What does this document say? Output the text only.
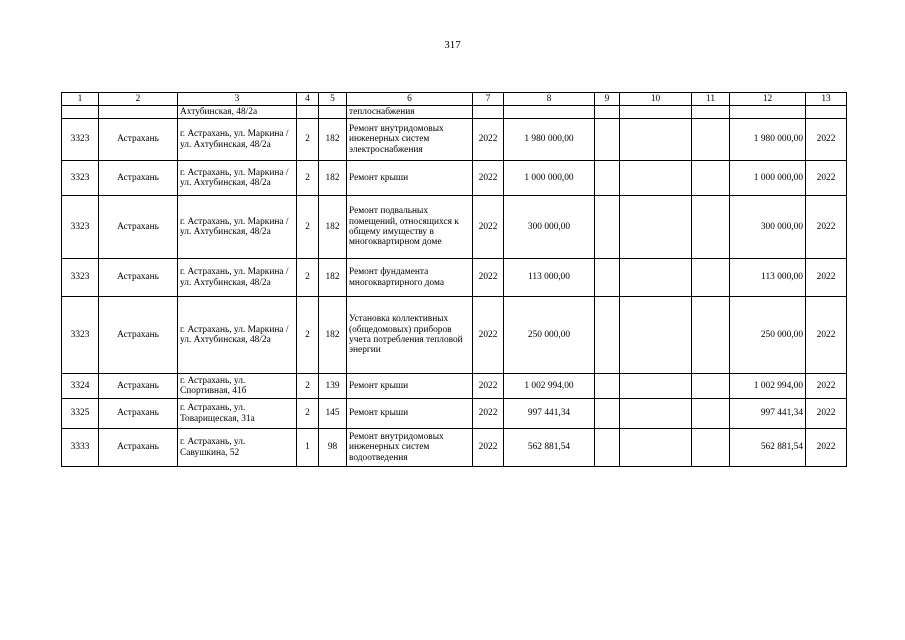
317
1	2	3	4	5	6	7	8	9	10	11	12	13
		Ахтубинская, 48/2а			теплоснабжения							
3323	Астрахань	г. Астрахань, ул. Маркина / ул. Ахтубинская, 48/2а	2	182	Ремонт внутридомовых инженерных систем электроснабжения	2022	1 980 000,00				1 980 000,00	2022
3323	Астрахань	г. Астрахань, ул. Маркина / ул. Ахтубинская, 48/2а	2	182	Ремонт крыши	2022	1 000 000,00				1 000 000,00	2022
3323	Астрахань	г. Астрахань, ул. Маркина / ул. Ахтубинская, 48/2а	2	182	Ремонт подвальных помещений, относящихся к общему имуществу в многоквартирном доме	2022	300 000,00				300 000,00	2022
3323	Астрахань	г. Астрахань, ул. Маркина / ул. Ахтубинская, 48/2а	2	182	Ремонт фундамента многоквартирного дома	2022	113 000,00				113 000,00	2022
3323	Астрахань	г. Астрахань, ул. Маркина / ул. Ахтубинская, 48/2а	2	182	Установка коллективных (общедомовых) приборов учета потребления тепловой энергии	2022	250 000,00				250 000,00	2022
3324	Астрахань	г. Астрахань, ул. Спортивная, 41б	2	139	Ремонт крыши	2022	1 002 994,00				1 002 994,00	2022
3325	Астрахань	г. Астрахань, ул. Товарищеская, 31а	2	145	Ремонт крыши	2022	997 441,34				997 441,34	2022
3333	Астрахань	г. Астрахань, ул. Савушкина, 52	1	98	Ремонт внутридомовых инженерных систем водоотведения	2022	562 881,54				562 881,54	2022
